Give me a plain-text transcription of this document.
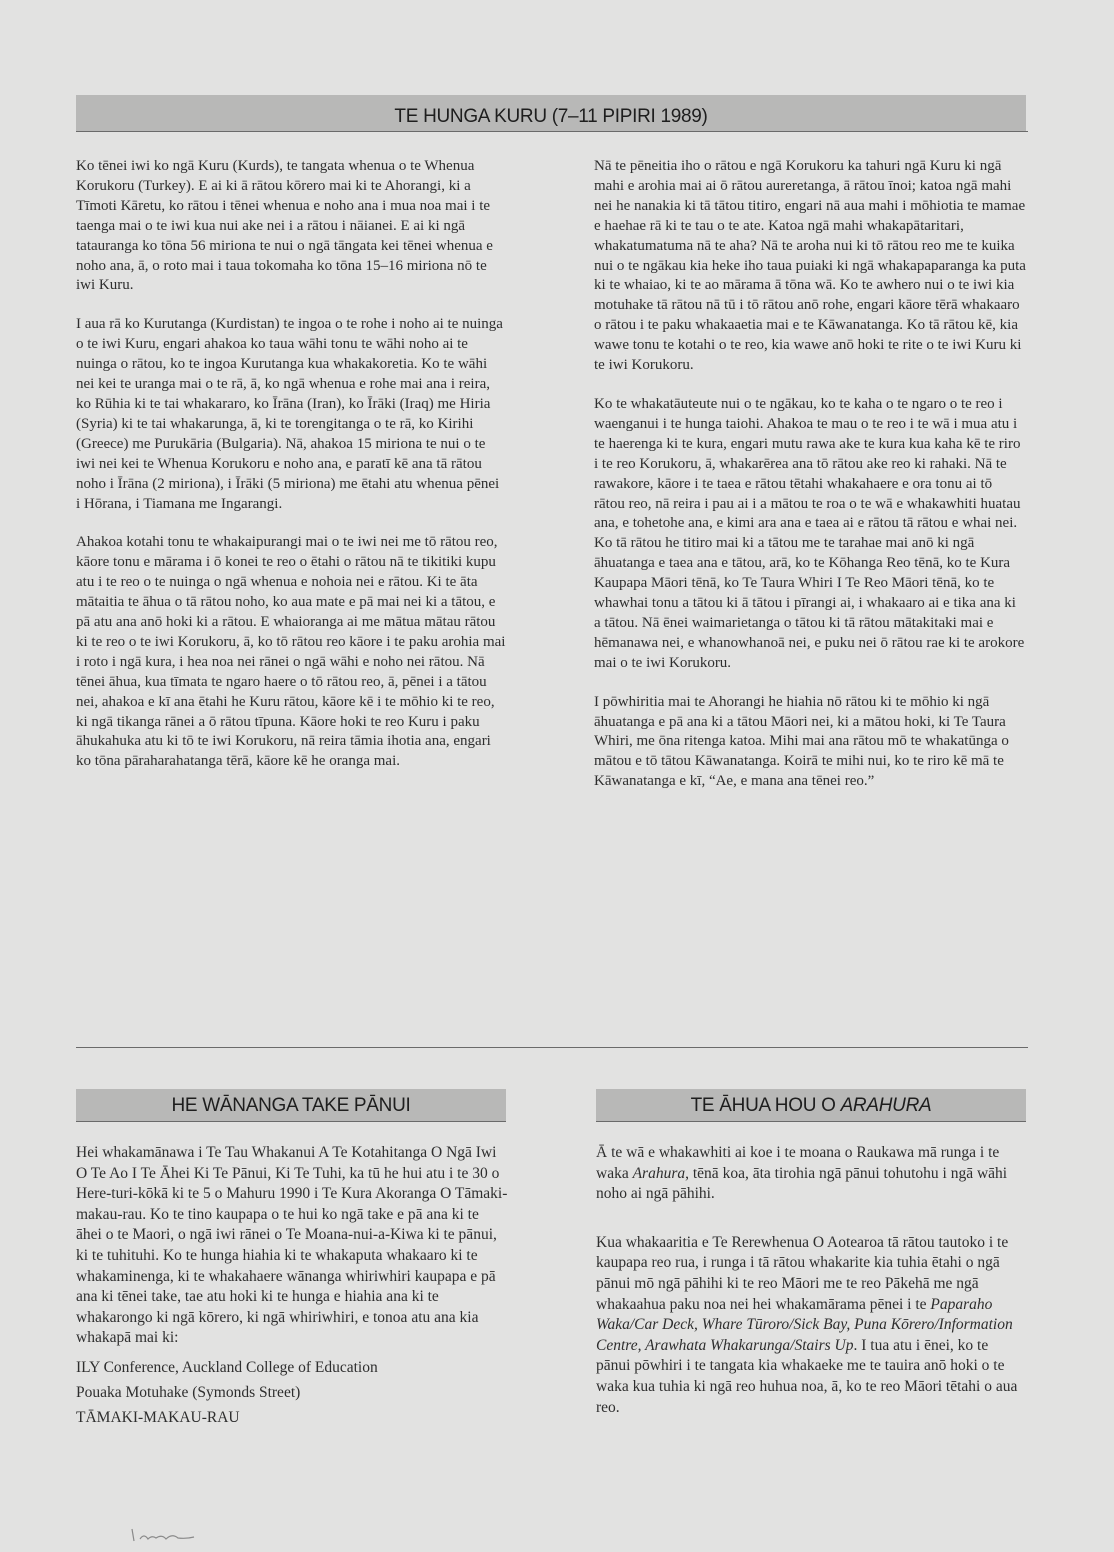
TE HUNGA KURU (7–11 PIPIRI 1989)

Ko tēnei iwi ko ngā Kuru (Kurds), te tangata whenua o te Whenua Korukoru (Turkey). E ai ki ā rātou kōrero mai ki te Ahorangi, ki a Tīmoti Kāretu, ko rātou i tēnei whenua e noho ana i mua noa mai i te taenga mai o te iwi kua nui ake nei i a rātou i nāianei. E ai ki ngā tatauranga ko tōna 56 miriona te nui o ngā tāngata kei tēnei whenua e noho ana, ā, o roto mai i taua tokomaha ko tōna 15–16 miriona nō te iwi Kuru.

I aua rā ko Kurutanga (Kurdistan) te ingoa o te rohe i noho ai te nuinga o te iwi Kuru, engari ahakoa ko taua wāhi tonu te wāhi noho ai te nuinga o rātou, ko te ingoa Kurutanga kua whakakoretia. Ko te wāhi nei kei te uranga mai o te rā, ā, ko ngā whenua e rohe mai ana i reira, ko Rūhia ki te tai whakararo, ko Īrāna (Iran), ko Īrāki (Iraq) me Hiria (Syria) ki te tai whakarunga, ā, ki te torengitanga o te rā, ko Kirihi (Greece) me Purukāria (Bulgaria). Nā, ahakoa 15 miriona te nui o te iwi nei kei te Whenua Korukoru e noho ana, e paratī kē ana tā rātou noho i Īrāna (2 miriona), i Īrāki (5 miriona) me ētahi atu whenua pēnei i Hōrana, i Tiamana me Ingarangi.

Ahakoa kotahi tonu te whakaipurangi mai o te iwi nei me tō rātou reo, kāore tonu e mārama i ō konei te reo o ētahi o rātou nā te tikitiki kupu atu i te reo o te nuinga o ngā whenua e nohoia nei e rātou. Ki te āta mātaitia te āhua o tā rātou noho, ko aua mate e pā mai nei ki a tātou, e pā atu ana anō hoki ki a rātou. E whaioranga ai me mātua mātau rātou ki te reo o te iwi Korukoru, ā, ko tō rātou reo kāore i te paku arohia mai i roto i ngā kura, i hea noa nei rānei o ngā wāhi e noho nei rātou. Nā tēnei āhua, kua tīmata te ngaro haere o tō rātou reo, ā, pēnei i a tātou nei, ahakoa e kī ana ētahi he Kuru rātou, kāore kē i te mōhio ki te reo, ki ngā tikanga rānei a ō rātou tīpuna. Kāore hoki te reo Kuru i paku āhukahuka atu ki tō te iwi Korukoru, nā reira tāmia ihotia ana, engari ko tōna pāraharahatanga tērā, kāore kē he oranga mai.

Nā te pēneitia iho o rātou e ngā Korukoru ka tahuri ngā Kuru ki ngā mahi e arohia mai ai ō rātou aureretanga, ā rātou īnoi; katoa ngā mahi nei he nanakia ki tā tātou titiro, engari nā aua mahi i mōhiotia te mamae e haehae rā ki te tau o te ate. Katoa ngā mahi whakapātaritari, whakatumatuma nā te aha? Nā te aroha nui ki tō rātou reo me te kuika nui o te ngākau kia heke iho taua puiaki ki ngā whakapaparanga ka puta ki te whaiao, ki te ao mārama ā tōna wā. Ko te awhero nui o te iwi kia motuhake tā rātou nā tū i tō rātou anō rohe, engari kāore tērā whakaaro o rātou i te paku whakaaetia mai e te Kāwanatanga. Ko tā rātou kē, kia wawe tonu te kotahi o te reo, kia wawe anō hoki te rite o te iwi Kuru ki te iwi Korukoru.

Ko te whakatāuteute nui o te ngākau, ko te kaha o te ngaro o te reo i waenganui i te hunga taiohi. Ahakoa te mau o te reo i te wā i mua atu i te haerenga ki te kura, engari mutu rawa ake te kura kua kaha kē te riro i te reo Korukoru, ā, whakarērea ana tō rātou ake reo ki rahaki. Nā te rawakore, kāore i te taea e rātou tētahi whakahaere e ora tonu ai tō rātou reo, nā reira i pau ai i a mātou te roa o te wā e whakawhiti huatau ana, e tohetohe ana, e kimi ara ana e taea ai e rātou tā rātou e whai nei. Ko tā rātou he titiro mai ki a tātou me te tarahae mai anō ki ngā āhuatanga e taea ana e tātou, arā, ko te Kōhanga Reo tēnā, ko te Kura Kaupapa Māori tēnā, ko Te Taura Whiri I Te Reo Māori tēnā, ko te whawhai tonu a tātou ki ā tātou i pīrangi ai, i whakaaro ai e tika ana ki a tātou. Nā ēnei waimarietanga o tātou ki tā rātou mātakitaki mai e hēmanawa nei, e whanowhanoā nei, e puku nei ō rātou rae ki te arokore mai o te iwi Korukoru.

I pōwhiritia mai te Ahorangi he hiahia nō rātou ki te mōhio ki ngā āhuatanga e pā ana ki a tātou Māori nei, ki a mātou hoki, ki Te Taura Whiri, me ōna ritenga katoa. Mihi mai ana rātou mō te whakatūnga o mātou e tō tātou Kāwanatanga. Koirā te mihi nui, ko te riro kē mā te Kāwanatanga e kī, “Ae, e mana ana tēnei reo.”

HE WĀNANGA TAKE PĀNUI

Hei whakamānawa i Te Tau Whakanui A Te Kotahitanga O Ngā Iwi O Te Ao I Te Āhei Ki Te Pānui, Ki Te Tuhi, ka tū he hui atu i te 30 o Here-turi-kōkā ki te 5 o Mahuru 1990 i Te Kura Akoranga O Tāmaki-makau-rau. Ko te tino kaupapa o te hui ko ngā take e pā ana ki te āhei o te Maori, o ngā iwi rānei o Te Moana-nui-a-Kiwa ki te pānui, ki te tuhituhi. Ko te hunga hiahia ki te whakaputa whakaaro ki te whakaminenga, ki te whakahaere wānanga whiriwhiri kaupapa e pā ana ki tēnei take, tae atu hoki ki te hunga e hiahia ana ki te whakarongo ki ngā kōrero, ki ngā whiriwhiri, e tonoa atu ana kia whakapā mai ki:

ILY Conference, Auckland College of Education

Pouaka Motuhake (Symonds Street)

TĀMAKI-MAKAU-RAU

TE ĀHUA HOU O ARAHURA

Ā te wā e whakawhiti ai koe i te moana o Raukawa mā runga i te waka Arahura, tēnā koa, āta tirohia ngā pānui tohutohu i ngā wāhi noho ai ngā pāhihi.

Kua whakaaritia e Te Rerewhenua O Aotearoa tā rātou tautoko i te kaupapa reo rua, i runga i tā rātou whakarite kia tuhia ētahi o ngā pānui mō ngā pāhihi ki te reo Māori me te reo Pākehā me ngā whakaahua paku noa nei hei whakamārama pēnei i te Paparaho Waka/Car Deck, Whare Tūroro/Sick Bay, Puna Kōrero/Information Centre, Arawhata Whakarunga/Stairs Up. I tua atu i ēnei, ko te pānui pōwhiri i te tangata kia whakaeke me te tauira anō hoki o te waka kua tuhia ki ngā reo huhua noa, ā, ko te reo Māori tētahi o aua reo.
